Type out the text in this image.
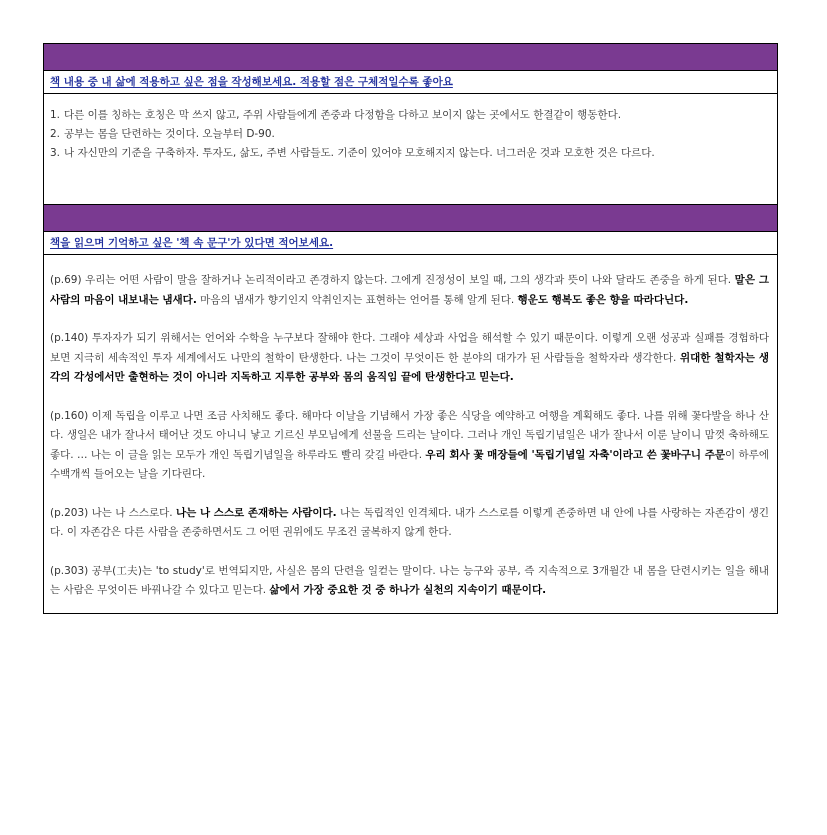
책 내용 중 내 삶에 적용하고 싶은 점을 작성해보세요. 적용할 점은 구체적일수록 좋아요
1. 다른 이를 칭하는 호칭은 막 쓰지 않고, 주위 사람들에게 존중과 다정함을 다하고 보이지 않는 곳에서도 한결같이 행동한다.
2. 공부는 몸을 단련하는 것이다. 오늘부터 D-90.
3. 나 자신만의 기준을 구축하자. 투자도, 삶도, 주변 사람들도. 기준이 있어야 모호해지지 않는다. 너그러운 것과 모호한 것은 다르다.
책을 읽으며 기억하고 싶은 '책 속 문구'가 있다면 적어보세요.

(p.69) 우리는 어떤 사람이 말을 잘하거나 논리적이라고 존경하지 않는다. 그에게 진정성이 보일 때, 그의 생각과 뜻이 나와 달라도 존중을 하게 된다. 말은 그 사람의 마음이 내보내는 냄새다. 마음의 냄새가 향기인지 악취인지는 표현하는 언어를 통해 알게 된다. 행운도 행복도 좋은 향을 따라다닌다.

(p.140) 투자자가 되기 위해서는 언어와 수학을 누구보다 잘해야 한다. 그래야 세상과 사업을 해석할 수 있기 때문이다. 이렇게 오랜 성공과 실패를 경험하다 보면 지극히 세속적인 투자 세계에서도 나만의 철학이 탄생한다. 나는 그것이 무엇이든 한 분야의 대가가 된 사람들을 철학자라 생각한다. 위대한 철학자는 생각의 각성에서만 출현하는 것이 아니라 지독하고 지루한 공부와 몸의 움직임 끝에 탄생한다고 믿는다.

(p.160) 이제 독립을 이루고 나면 조금 사치해도 좋다. 해마다 이날을 기념해서 가장 좋은 식당을 예약하고 여행을 계획해도 좋다. 나를 위해 꽃다발을 하나 산다. 생일은 내가 잘나서 태어난 것도 아니니 낳고 기르신 부모님에게 선물을 드리는 날이다. 그러나 개인 독립기념일은 내가 잘나서 이룬 날이니 맘껏 축하해도 좋다. … 나는 이 글을 읽는 모두가 개인 독립기념일을 하루라도 빨리 갖길 바란다. 우리 회사 꽃 매장들에 '독립기념일 자축'이라고 쓴 꽃바구니 주문이 하루에 수백개씩 들어오는 날을 기다린다.

(p.203) 나는 나 스스로다. 나는 나 스스로 존재하는 사람이다. 나는 독립적인 인격체다. 내가 스스로를 이렇게 존중하면 내 안에 나를 사랑하는 자존감이 생긴다. 이 자존감은 다른 사람을 존중하면서도 그 어떤 권위에도 무조건 굴복하지 않게 한다.

(p.303) 공부(工夫)는 'to study'로 번역되지만, 사실은 몸의 단련을 일컫는 말이다. 나는 능구와 공부, 즉 지속적으로 3개월간 내 몸을 단련시키는 일을 해내는 사람은 무엇이든 바꿔나갈 수 있다고 믿는다. 삶에서 가장 중요한 것 중 하나가 실천의 지속이기 때문이다.
